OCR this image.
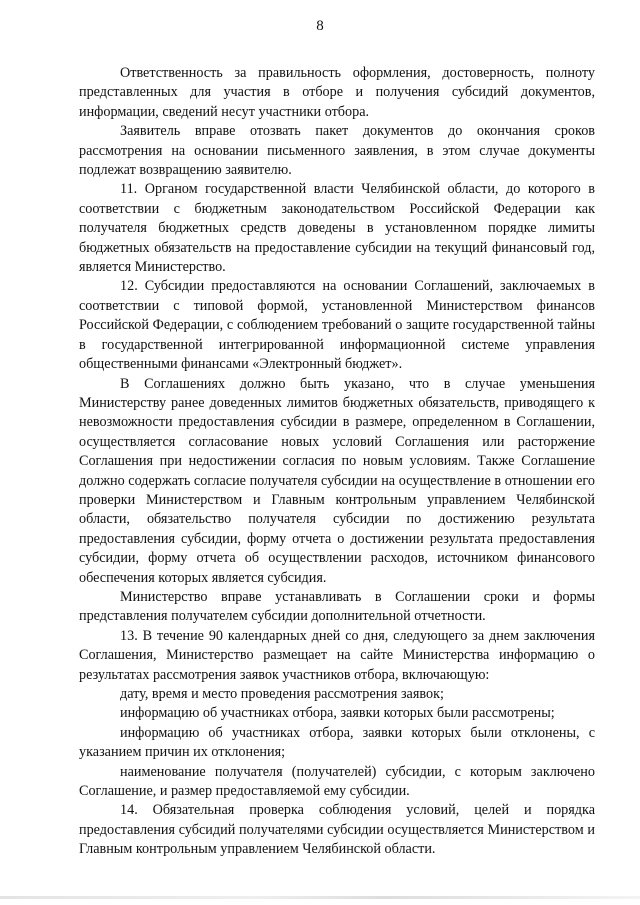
8

Ответственность за правильность оформления, достоверность, полноту представленных для участия в отборе и получения субсидий документов, информации, сведений несут участники отбора.

Заявитель вправе отозвать пакет документов до окончания сроков рассмотрения на основании письменного заявления, в этом случае документы подлежат возвращению заявителю.

11. Органом государственной власти Челябинской области, до которого в соответствии с бюджетным законодательством Российской Федерации как получателя бюджетных средств доведены в установленном порядке лимиты бюджетных обязательств на предоставление субсидии на текущий финансовый год, является Министерство.

12. Субсидии предоставляются на основании Соглашений, заключаемых в соответствии с типовой формой, установленной Министерством финансов Российской Федерации, с соблюдением требований о защите государственной тайны в государственной интегрированной информационной системе управления общественными финансами «Электронный бюджет».

В Соглашениях должно быть указано, что в случае уменьшения Министерству ранее доведенных лимитов бюджетных обязательств, приводящего к невозможности предоставления субсидии в размере, определенном в Соглашении, осуществляется согласование новых условий Соглашения или расторжение Соглашения при недостижении согласия по новым условиям. Также Соглашение должно содержать согласие получателя субсидии на осуществление в отношении его проверки Министерством и Главным контрольным управлением Челябинской области, обязательство получателя субсидии по достижению результата предоставления субсидии, форму отчета о достижении результата предоставления субсидии, форму отчета об осуществлении расходов, источником финансового обеспечения которых является субсидия.

Министерство вправе устанавливать в Соглашении сроки и формы представления получателем субсидии дополнительной отчетности.

13. В течение 90 календарных дней со дня, следующего за днем заключения Соглашения, Министерство размещает на сайте Министерства информацию о результатах рассмотрения заявок участников отбора, включающую:

дату, время и место проведения рассмотрения заявок;

информацию об участниках отбора, заявки которых были рассмотрены;

информацию об участниках отбора, заявки которых были отклонены, с указанием причин их отклонения;

наименование получателя (получателей) субсидии, с которым заключено Соглашение, и размер предоставляемой ему субсидии.

14. Обязательная проверка соблюдения условий, целей и порядка предоставления субсидий получателями субсидии осуществляется Министерством и Главным контрольным управлением Челябинской области.
